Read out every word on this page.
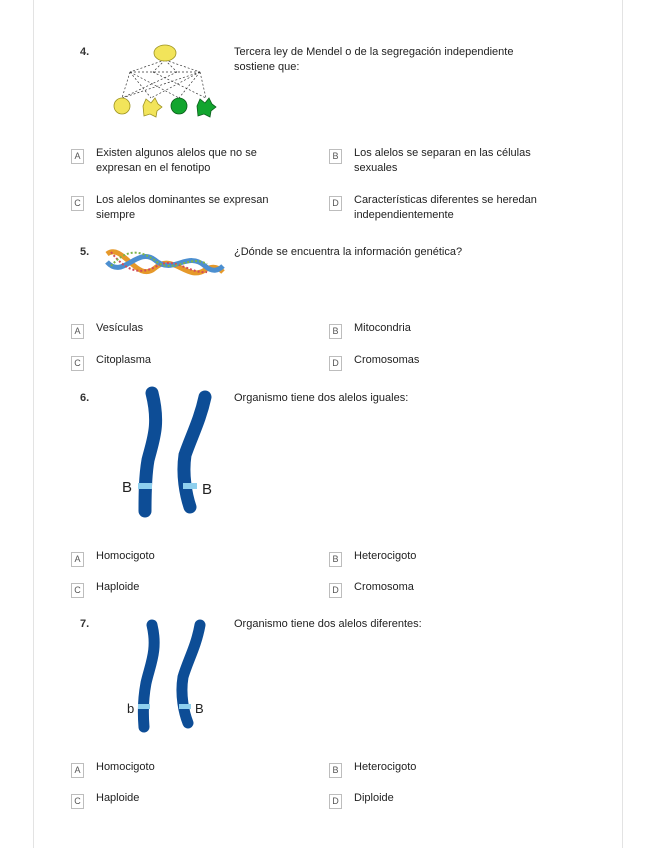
4.	Tercera ley de Mendel o de la segregación independiente sostiene que:
A	Existen algunos alelos que no se expresan en el fenotipo
B	Los alelos se separan en las células sexuales
C Los alelos dominantes se expresan siempre
D Características diferentes se heredan independientemente
5.	¿Dónde se encuentra la información genética?
A	Vesículas	B	Mitocondria
C Citoplasma	D Cromosomas
6.
B	B
Organismo tiene dos alelos iguales:
A	Homocigoto	B	Heterocigoto
C Haploide	D Cromosoma
7.
b	B
Organismo tiene dos alelos diferentes:
A	Homocigoto	B	Heterocigoto
C Haploide	D Diploide
